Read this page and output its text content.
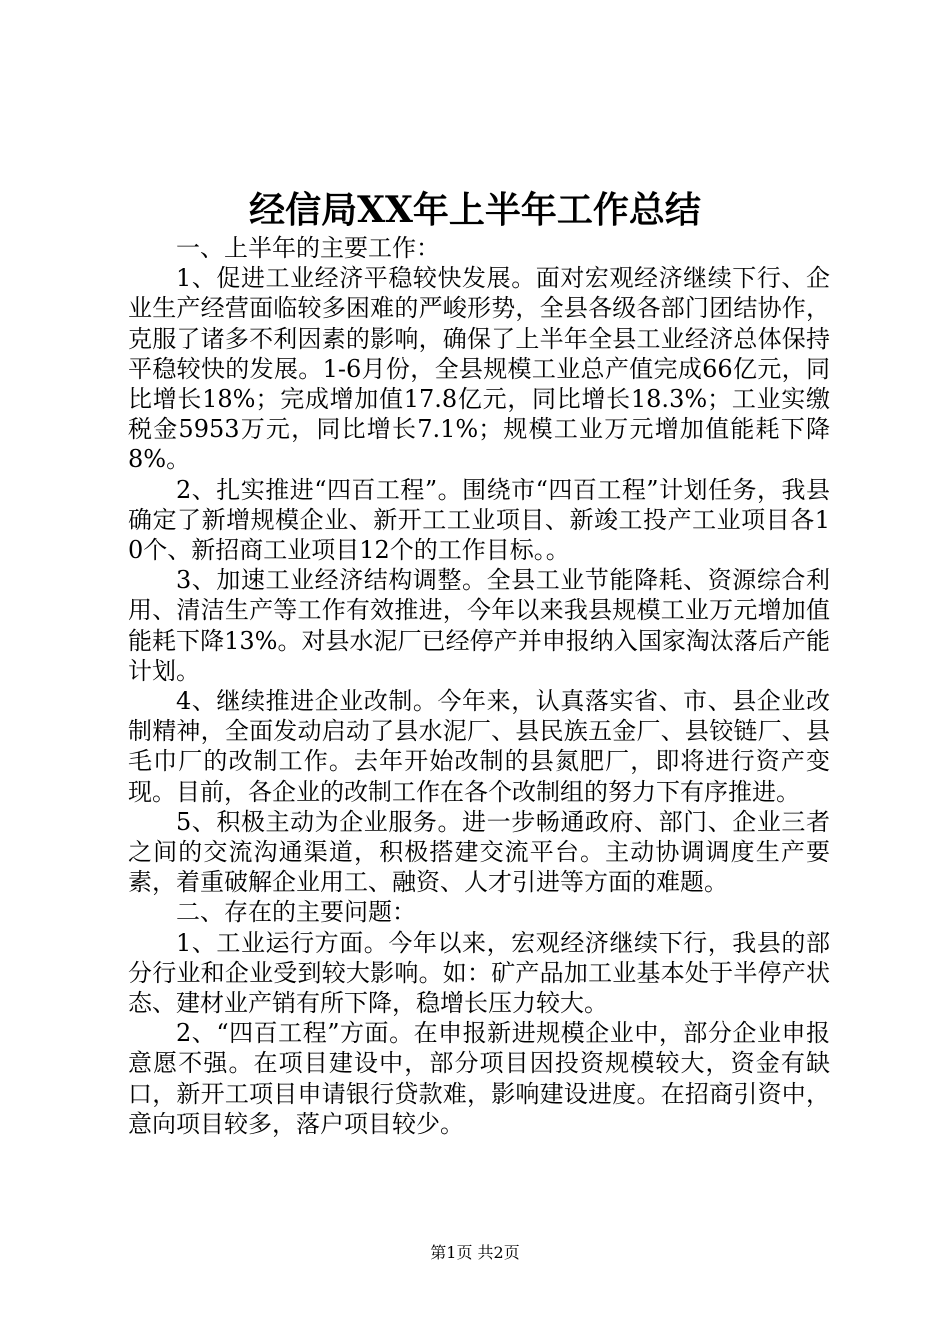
经信局XX年上半年工作总结

一、上半年的主要工作：

1、促进工业经济平稳较快发展。面对宏观经济继续下行、企业生产经营面临较多困难的严峻形势，全县各级各部门团结协作，克服了诸多不利因素的影响，确保了上半年全县工业经济总体保持平稳较快的发展。1-6月份，全县规模工业总产值完成66亿元，同比增长18%；完成增加值17.8亿元，同比增长18.3%；工业实缴税金5953万元，同比增长7.1%；规模工业万元增加值能耗下降8%。

2、扎实推进“四百工程”。围绕市“四百工程”计划任务，我县确定了新增规模企业、新开工工业项目、新竣工投产工业项目各10个、新招商工业项目12个的工作目标。。

3、加速工业经济结构调整。全县工业节能降耗、资源综合利用、清洁生产等工作有效推进，今年以来我县规模工业万元增加值能耗下降13%。对县水泥厂已经停产并申报纳入国家淘汰落后产能计划。

4、继续推进企业改制。今年来，认真落实省、市、县企业改制精神，全面发动启动了县水泥厂、县民族五金厂、县铰链厂、县毛巾厂的改制工作。去年开始改制的县氮肥厂，即将进行资产变现。目前，各企业的改制工作在各个改制组的努力下有序推进。

5、积极主动为企业服务。进一步畅通政府、部门、企业三者之间的交流沟通渠道，积极搭建交流平台。主动协调调度生产要素，着重破解企业用工、融资、人才引进等方面的难题。

二、存在的主要问题：

1、工业运行方面。今年以来，宏观经济继续下行，我县的部分行业和企业受到较大影响。如：矿产品加工业基本处于半停产状态、建材业产销有所下降，稳增长压力较大。

2、“四百工程”方面。在申报新进规模企业中，部分企业申报意愿不强。在项目建设中，部分项目因投资规模较大，资金有缺口，新开工项目申请银行贷款难，影响建设进度。在招商引资中，意向项目较多，落户项目较少。

第1页 共2页
